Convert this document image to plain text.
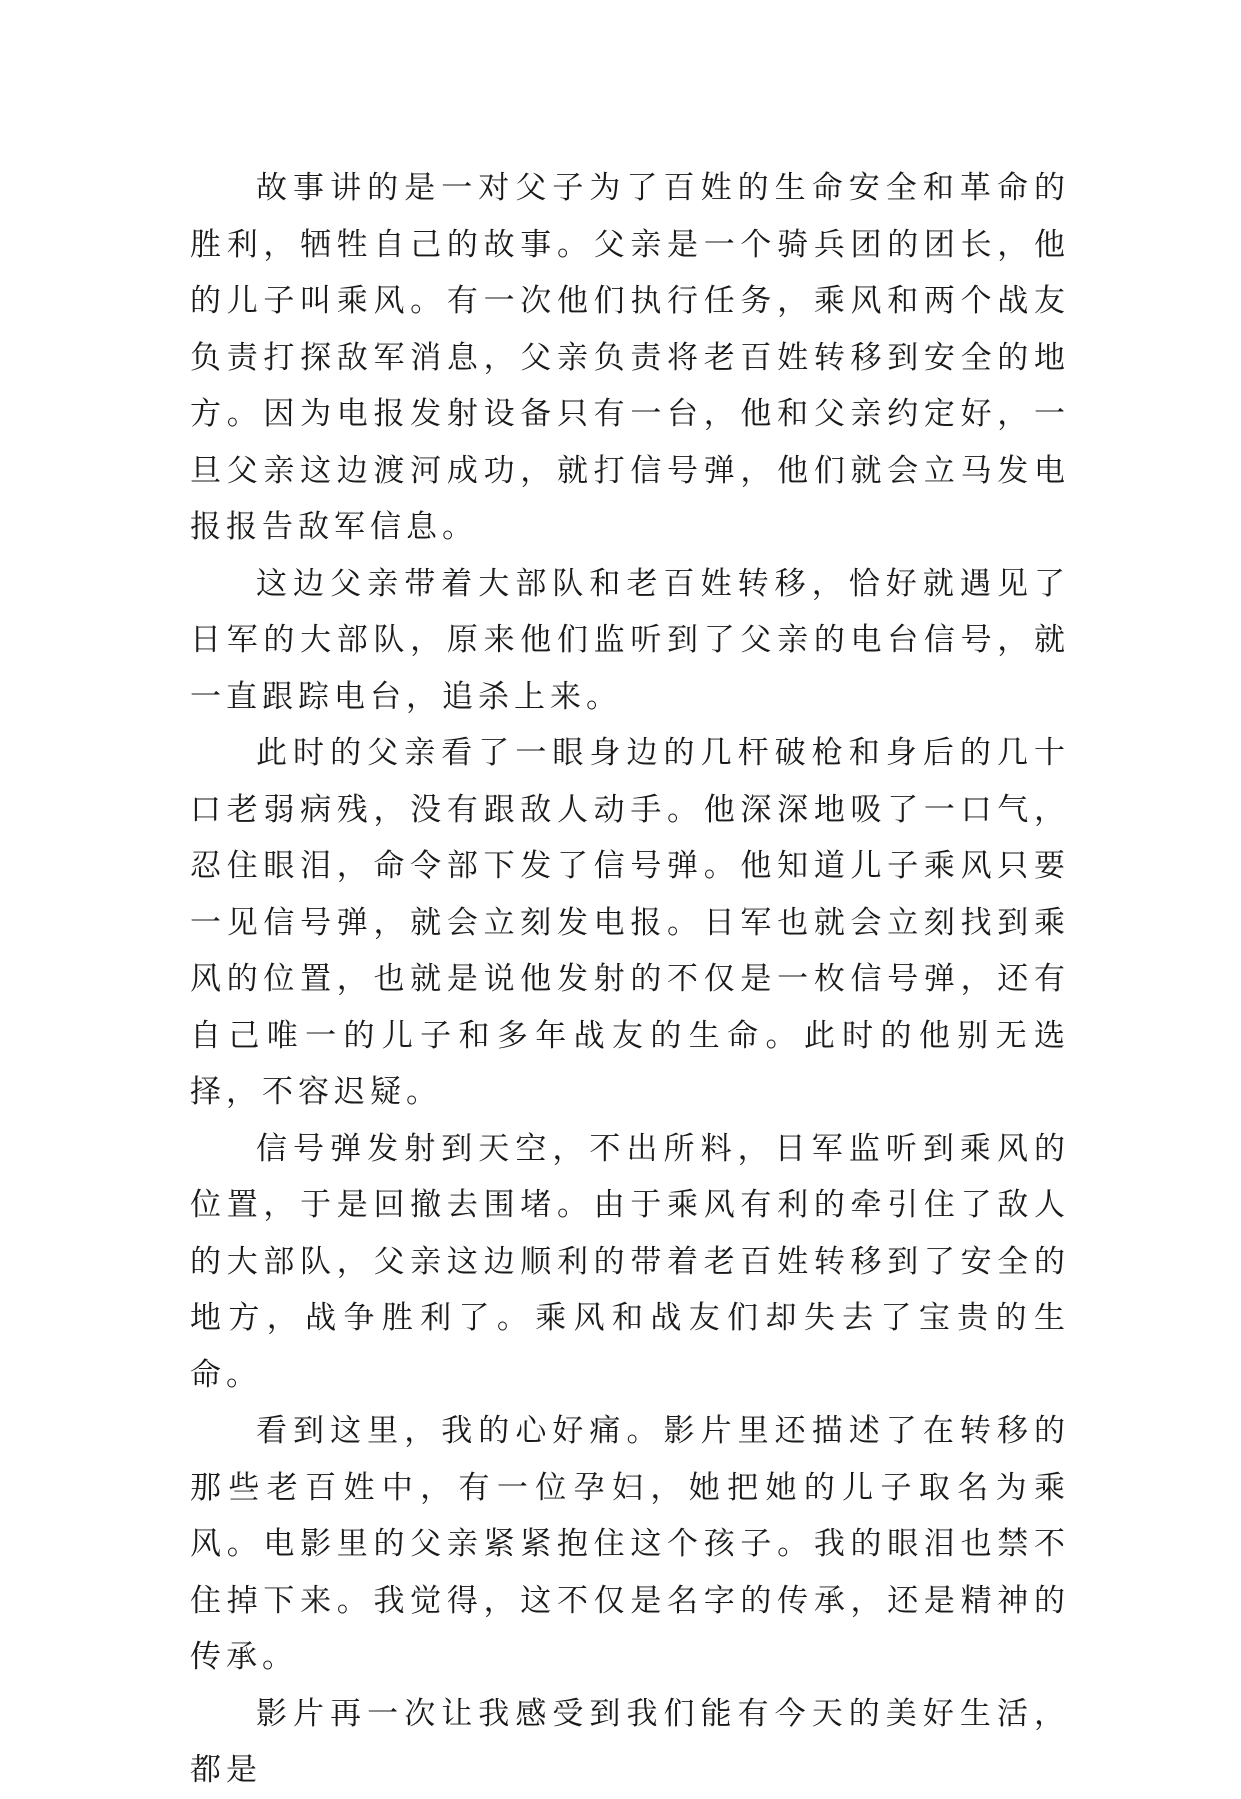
故事讲的是一对父子为了百姓的生命安全和革命的胜利，牺牲自己的故事。父亲是一个骑兵团的团长，他的儿子叫乘风。有一次他们执行任务，乘风和两个战友负责打探敌军消息，父亲负责将老百姓转移到安全的地方。因为电报发射设备只有一台，他和父亲约定好，一旦父亲这边渡河成功，就打信号弹，他们就会立马发电报报告敌军信息。

这边父亲带着大部队和老百姓转移，恰好就遇见了日军的大部队，原来他们监听到了父亲的电台信号，就一直跟踪电台，追杀上来。

此时的父亲看了一眼身边的几杆破枪和身后的几十口老弱病残，没有跟敌人动手。他深深地吸了一口气，忍住眼泪，命令部下发了信号弹。他知道儿子乘风只要一见信号弹，就会立刻发电报。日军也就会立刻找到乘风的位置，也就是说他发射的不仅是一枚信号弹，还有自己唯一的儿子和多年战友的生命。此时的他别无选择，不容迟疑。

信号弹发射到天空，不出所料，日军监听到乘风的位置，于是回撤去围堵。由于乘风有利的牵引住了敌人的大部队，父亲这边顺利的带着老百姓转移到了安全的地方，战争胜利了。乘风和战友们却失去了宝贵的生命。

看到这里，我的心好痛。影片里还描述了在转移的那些老百姓中，有一位孕妇，她把她的儿子取名为乘风。电影里的父亲紧紧抱住这个孩子。我的眼泪也禁不住掉下来。我觉得，这不仅是名字的传承，还是精神的传承。

影片再一次让我感受到我们能有今天的美好生活，都是
